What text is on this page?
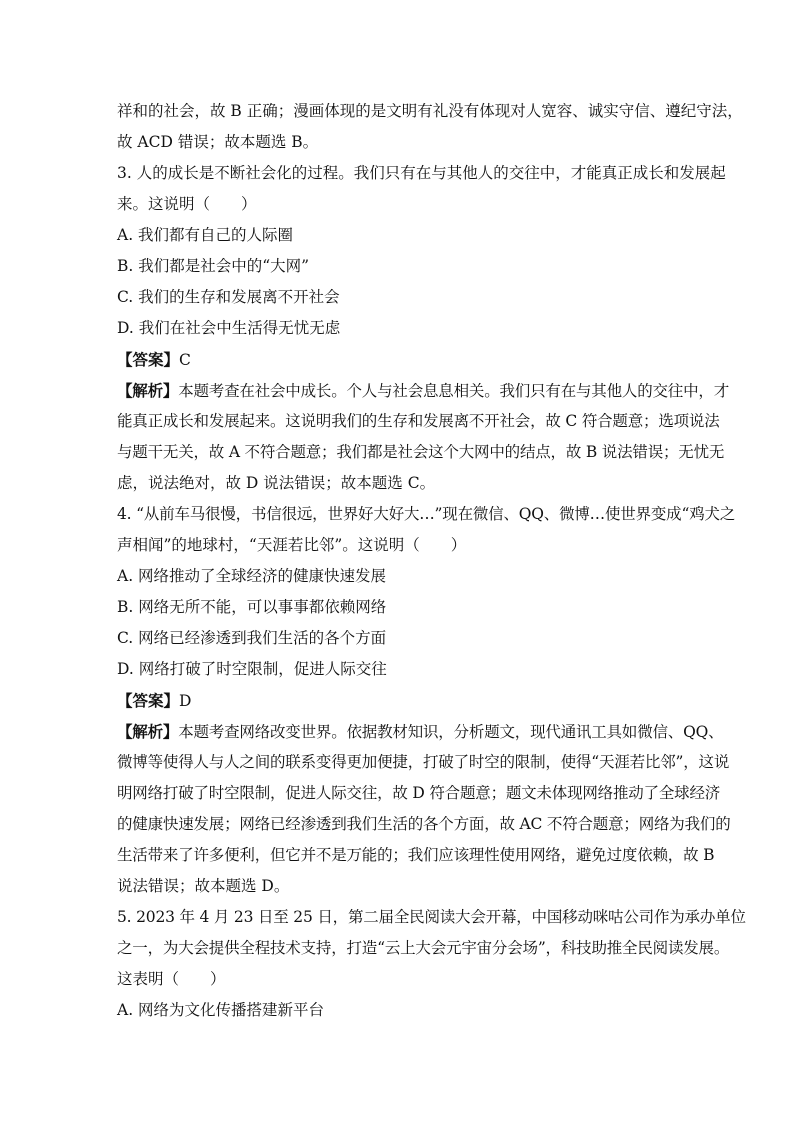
祥和的社会，故 B 正确；漫画体现的是文明有礼没有体现对人宽容、诚实守信、遵纪守法，
故 ACD 错误；故本题选 B。
3. 人的成长是不断社会化的过程。我们只有在与其他人的交往中，才能真正成长和发展起
来。这说明（　　）
A. 我们都有自己的人际圈
B. 我们都是社会中的“大网”
C. 我们的生存和发展离不开社会
D. 我们在社会中生活得无忧无虑
【答案】C
【解析】本题考查在社会中成长。个人与社会息息相关。我们只有在与其他人的交往中，才
能真正成长和发展起来。这说明我们的生存和发展离不开社会，故 C 符合题意；选项说法
与题干无关，故 A 不符合题意；我们都是社会这个大网中的结点，故 B 说法错误；无忧无
虑，说法绝对，故 D 说法错误；故本题选 C。
4. “从前车马很慢，书信很远，世界好大好大…”现在微信、QQ、微博…使世界变成“鸡犬之
声相闻”的地球村，“天涯若比邻”。这说明（　　）
A. 网络推动了全球经济的健康快速发展
B. 网络无所不能，可以事事都依赖网络
C. 网络已经渗透到我们生活的各个方面
D. 网络打破了时空限制，促进人际交往
【答案】D
【解析】本题考查网络改变世界。依据教材知识，分析题文，现代通讯工具如微信、QQ、
微博等使得人与人之间的联系变得更加便捷，打破了时空的限制，使得“天涯若比邻”，这说
明网络打破了时空限制，促进人际交往，故 D 符合题意；题文未体现网络推动了全球经济
的健康快速发展；网络已经渗透到我们生活的各个方面，故 AC 不符合题意；网络为我们的
生活带来了许多便利，但它并不是万能的；我们应该理性使用网络，避免过度依赖，故 B
说法错误；故本题选 D。
5. 2023 年 4 月 23 日至 25 日，第二届全民阅读大会开幕，中国移动咪咕公司作为承办单位
之一，为大会提供全程技术支持，打造“云上大会元宇宙分会场”，科技助推全民阅读发展。
这表明（　　）
A. 网络为文化传播搭建新平台
